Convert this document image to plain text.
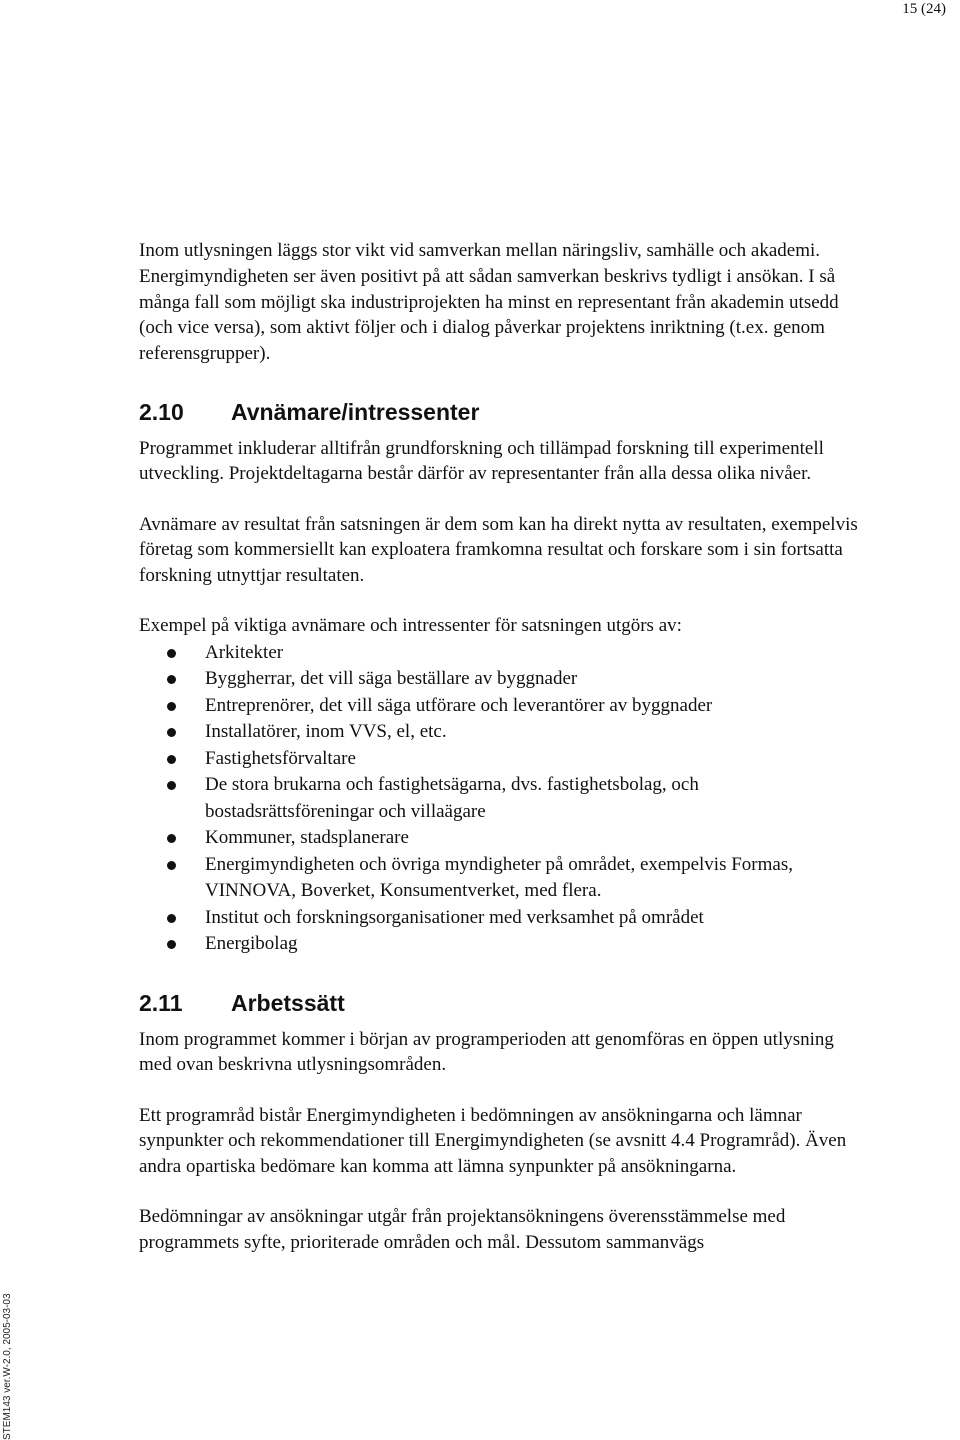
15 (24)

Inom utlysningen läggs stor vikt vid samverkan mellan näringsliv, samhälle och akademi. Energimyndigheten ser även positivt på att sådan samverkan beskrivs tydligt i ansökan. I så många fall som möjligt ska industriprojekten ha minst en representant från akademin utsedd (och vice versa), som aktivt följer och i dialog påverkar projektens inriktning (t.ex. genom referensgrupper).

2.10	Avnämare/intressenter

Programmet inkluderar alltifrån grundforskning och tillämpad forskning till experimentell utveckling. Projektdeltagarna består därför av representanter från alla dessa olika nivåer.

Avnämare av resultat från satsningen är dem som kan ha direkt nytta av resultaten, exempelvis företag som kommersiellt kan exploatera framkomna resultat och forskare som i sin fortsatta forskning utnyttjar resultaten.

Exempel på viktiga avnämare och intressenter för satsningen utgörs av:

Arkitekter
Byggherrar, det vill säga beställare av byggnader
Entreprenörer, det vill säga utförare och leverantörer av byggnader
Installatörer, inom VVS, el, etc.
Fastighetsförvaltare
De stora brukarna och fastighetsägarna, dvs. fastighetsbolag, och bostadsrättsföreningar och villaägare
Kommuner, stadsplanerare
Energimyndigheten och övriga myndigheter på området, exempelvis Formas, VINNOVA, Boverket, Konsumentverket, med flera.
Institut och forskningsorganisationer med verksamhet på området
Energibolag
2.11	Arbetssätt

Inom programmet kommer i början av programperioden att genomföras en öppen utlysning med ovan beskrivna utlysningsområden.

Ett programråd bistår Energimyndigheten i bedömningen av ansökningarna och lämnar synpunkter och rekommendationer till Energimyndigheten (se avsnitt 4.4 Programråd). Även andra opartiska bedömare kan komma att lämna synpunkter på ansökningarna.

Bedömningar av ansökningar utgår från projektansökningens överensstämmelse med programmets syfte, prioriterade områden och mål. Dessutom sammanvägs

STEM143 ver.W-2.0, 2005-03-03
